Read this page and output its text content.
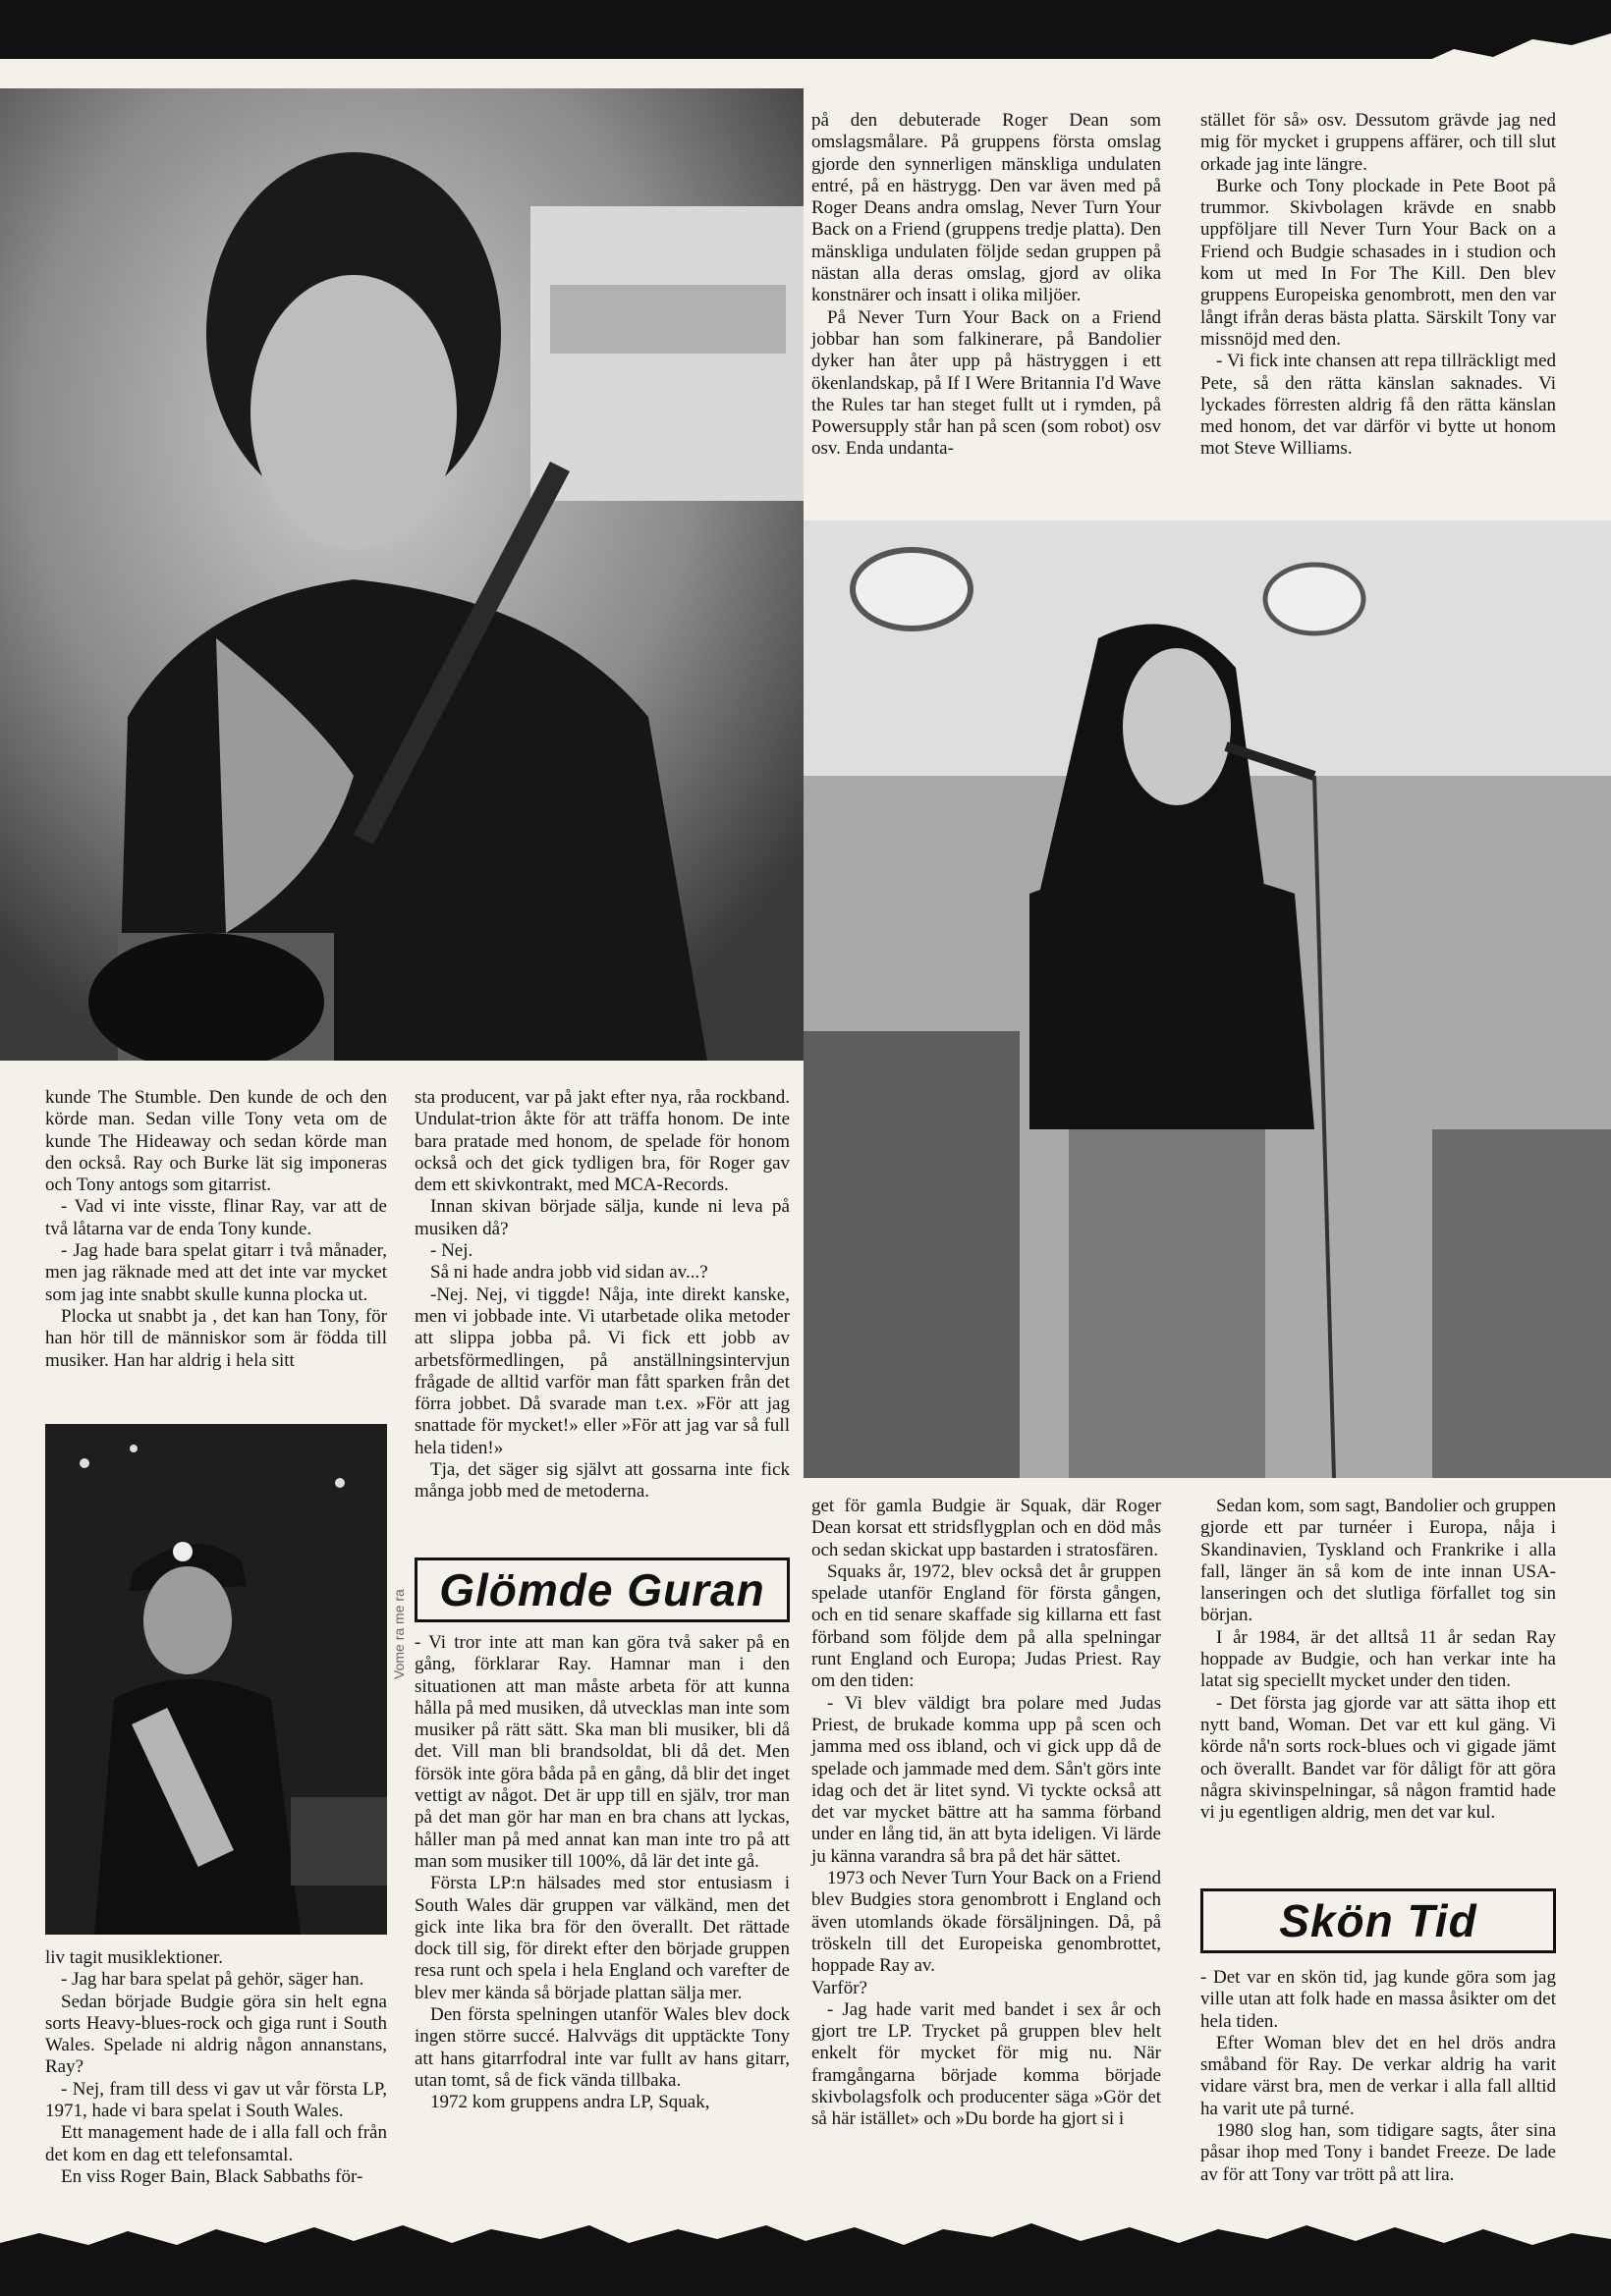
på den debuterade Roger Dean som omslagsmålare. På gruppens första omslag gjorde den synnerligen mänskliga undulaten entré, på en hästrygg. Den var även med på Roger Deans andra omslag, Never Turn Your Back on a Friend (gruppens tredje platta). Den mänskliga undulaten följde sedan gruppen på nästan alla deras omslag, gjord av olika konstnärer och insatt i olika miljöer.

På Never Turn Your Back on a Friend jobbar han som falkinerare, på Bandolier dyker han åter upp på hästryggen i ett ökenlandskap, på If I Were Britannia I'd Wave the Rules tar han steget fullt ut i rymden, på Powersupply står han på scen (som robot) osv osv. Enda undanta-

stället för så» osv. Dessutom grävde jag ned mig för mycket i gruppens affärer, och till slut orkade jag inte längre.

Burke och Tony plockade in Pete Boot på trummor. Skivbolagen krävde en snabb uppföljare till Never Turn Your Back on a Friend och Budgie schasades in i studion och kom ut med In For The Kill. Den blev gruppens Europeiska genombrott, men den var långt ifrån deras bästa platta. Särskilt Tony var missnöjd med den.

- Vi fick inte chansen att repa tillräckligt med Pete, så den rätta känslan saknades. Vi lyckades förresten aldrig få den rätta känslan med honom, det var därför vi bytte ut honom mot Steve Williams.

kunde The Stumble. Den kunde de och den körde man. Sedan ville Tony veta om de kunde The Hideaway och sedan körde man den också. Ray och Burke lät sig imponeras och Tony antogs som gitarrist.

- Vad vi inte visste, flinar Ray, var att de två låtarna var de enda Tony kunde.

- Jag hade bara spelat gitarr i två månader, men jag räknade med att det inte var mycket som jag inte snabbt skulle kunna plocka ut.

Plocka ut snabbt ja , det kan han Tony, för han hör till de människor som är födda till musiker. Han har aldrig i hela sitt

liv tagit musiklektioner.

- Jag har bara spelat på gehör, säger han.

Sedan började Budgie göra sin helt egna sorts Heavy-blues-rock och giga runt i South Wales. Spelade ni aldrig någon annanstans, Ray?

- Nej, fram till dess vi gav ut vår första LP, 1971, hade vi bara spelat i South Wales.

Ett management hade de i alla fall och från det kom en dag ett telefonsamtal.

En viss Roger Bain, Black Sabbaths för-

sta producent, var på jakt efter nya, råa rockband. Undulat-trion åkte för att träffa honom. De inte bara pratade med honom, de spelade för honom också och det gick tydligen bra, för Roger gav dem ett skivkontrakt, med MCA-Records.

Innan skivan började sälja, kunde ni leva på musiken då?

- Nej.

Så ni hade andra jobb vid sidan av...?

-Nej. Nej, vi tiggde! Nåja, inte direkt kanske, men vi jobbade inte. Vi utarbetade olika metoder att slippa jobba på. Vi fick ett jobb av arbetsförmedlingen, på anställningsintervjun frågade de alltid varför man fått sparken från det förra jobbet. Då svarade man t.ex. »För att jag snattade för mycket!» eller »För att jag var så full hela tiden!»

Tja, det säger sig självt att gossarna inte fick många jobb med de metoderna.

Glömde Guran
Vome ra me ra - Vi tror inte att man kan göra två saker på en gång, förklarar Ray. Hamnar man i den situationen att man måste arbeta för att kunna hålla på med musiken, då utvecklas man inte som musiker på rätt sätt. Ska man bli musiker, bli då det. Vill man bli brandsoldat, bli då det. Men försök inte göra båda på en gång, då blir det inget vettigt av något. Det är upp till en själv, tror man på det man gör har man en bra chans att lyckas, håller man på med annat kan man inte tro på att man som musiker till 100%, då lär det inte gå.

Första LP:n hälsades med stor entusiasm i South Wales där gruppen var välkänd, men det gick inte lika bra för den överallt. Det rättade dock till sig, för direkt efter den började gruppen resa runt och spela i hela England och varefter de blev mer kända så började plattan sälja mer.

Den första spelningen utanför Wales blev dock ingen större succé. Halvvägs dit upptäckte Tony att hans gitarrfodral inte var fullt av hans gitarr, utan tomt, så de fick vända tillbaka.

1972 kom gruppens andra LP, Squak,

get för gamla Budgie är Squak, där Roger Dean korsat ett stridsflygplan och en död mås och sedan skickat upp bastarden i stratosfären.

Squaks år, 1972, blev också det år gruppen spelade utanför England för första gången, och en tid senare skaffade sig killarna ett fast förband som följde dem på alla spelningar runt England och Europa; Judas Priest. Ray om den tiden:

- Vi blev väldigt bra polare med Judas Priest, de brukade komma upp på scen och jamma med oss ibland, och vi gick upp då de spelade och jammade med dem. Sån't görs inte idag och det är litet synd. Vi tyckte också att det var mycket bättre att ha samma förband under en lång tid, än att byta ideligen. Vi lärde ju känna varandra så bra på det här sättet.

1973 och Never Turn Your Back on a Friend blev Budgies stora genombrott i England och även utomlands ökade försäljningen. Då, på tröskeln till det Europeiska genombrottet, hoppade Ray av.

Varför?

- Jag hade varit med bandet i sex år och gjort tre LP. Trycket på gruppen blev helt enkelt för mycket för mig nu. När framgångarna började komma började skivbolagsfolk och producenter säga »Gör det så här istället» och »Du borde ha gjort si i

Sedan kom, som sagt, Bandolier och gruppen gjorde ett par turnéer i Europa, nåja i Skandinavien, Tyskland och Frankrike i alla fall, länger än så kom de inte innan USA-lanseringen och det slutliga förfallet tog sin början.

I år 1984, är det alltså 11 år sedan Ray hoppade av Budgie, och han verkar inte ha latat sig speciellt mycket under den tiden.

- Det första jag gjorde var att sätta ihop ett nytt band, Woman. Det var ett kul gäng. Vi körde nå'n sorts rock-blues och vi gigade jämt och överallt. Bandet var för dåligt för att göra några skivinspelningar, så någon framtid hade vi ju egentligen aldrig, men det var kul.

Skön Tid

- Det var en skön tid, jag kunde göra som jag ville utan att folk hade en massa åsikter om det hela tiden.

Efter Woman blev det en hel drös andra småband för Ray. De verkar aldrig ha varit vidare värst bra, men de verkar i alla fall alltid ha varit ute på turné.

1980 slog han, som tidigare sagts, åter sina påsar ihop med Tony i bandet Freeze. De lade av för att Tony var trött på att lira.

24
